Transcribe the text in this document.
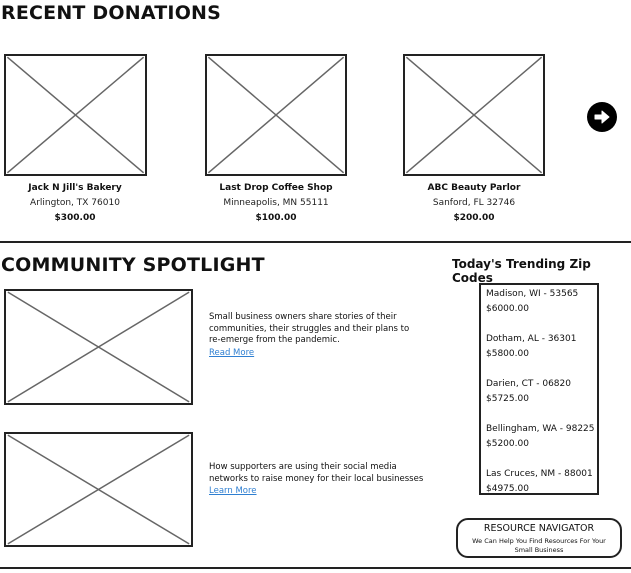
RECENT DONATIONS
Jack N Jill's Bakery
Arlington, TX 76010
$300.00
Last Drop Coffee Shop
Minneapolis, MN 55111
$100.00
ABC Beauty Parlor
Sanford, FL 32746
$200.00
COMMUNITY SPOTLIGHT	Today's Trending Zip Codes
Small business owners share stories of their communities, their struggles and their plans to re-emerge from the pandemic.
Read More
How supporters are using their social media networks to raise money for their local businesses
Learn More
Madison, WI - 53565
$6000.00
Dotham, AL - 36301
$5800.00
Darien, CT - 06820
$5725.00
Bellingham, WA - 98225
$5200.00
Las Cruces, NM - 88001
$4975.00
RESOURCE NAVIGATOR
We Can Help You Find Resources For Your Small Business
